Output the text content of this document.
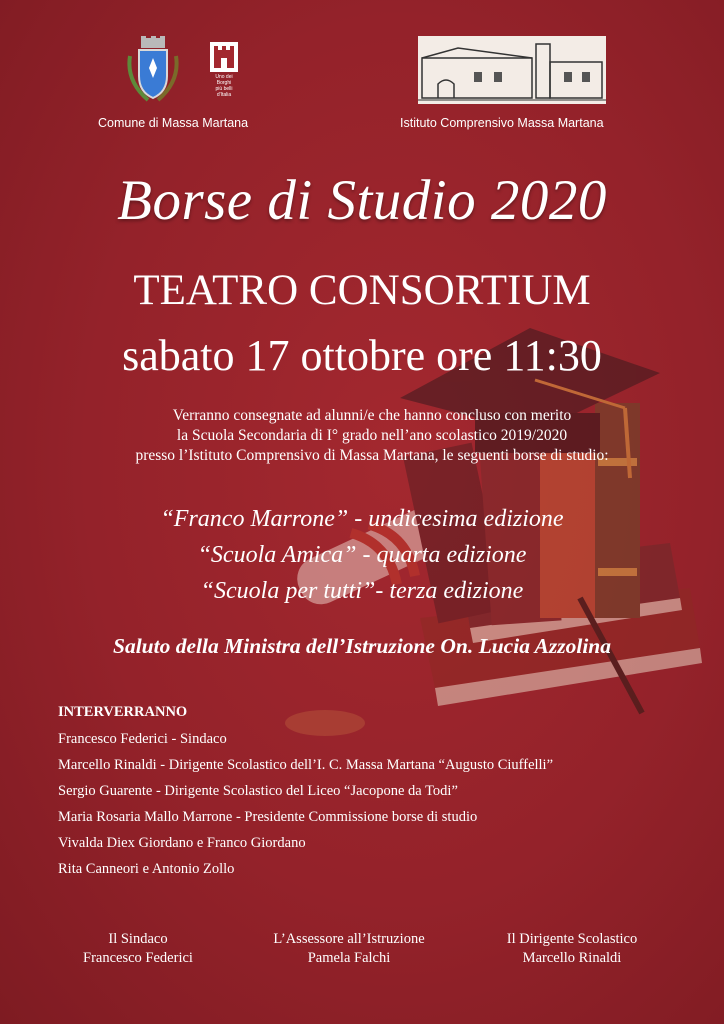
Uno dei
Borghi
più belli
d'Italia
Comune di Massa Martana	Istituto Comprensivo Massa Martana
Borse di Studio 2020
TEATRO CONSORTIUM
sabato 17 ottobre ore 11:30
Verranno consegnate ad alunni/e che hanno concluso con merito
la Scuola Secondaria di I° grado nell’ano scolastico 2019/2020
presso l’Istituto Comprensivo di Massa Martana, le seguenti borse di studio:
“Franco Marrone” - undicesima edizione
“Scuola Amica” - quarta edizione
“Scuola per tutti”- terza edizione
Saluto della Ministra dell’Istruzione On. Lucia Azzolina
INTERVERRANNO
Francesco Federici - Sindaco
Marcello Rinaldi - Dirigente Scolastico dell’I. C. Massa Martana “Augusto Ciuffelli”
Sergio Guarente - Dirigente Scolastico del Liceo “Jacopone da Todi”
Maria Rosaria Mallo Marrone - Presidente Commissione borse di studio
Vivalda Diex Giordano e Franco Giordano
Rita Canneori e Antonio Zollo
Il Sindaco
Francesco Federici
L’Assessore all’Istruzione
Pamela Falchi
Il Dirigente Scolastico
Marcello Rinaldi
